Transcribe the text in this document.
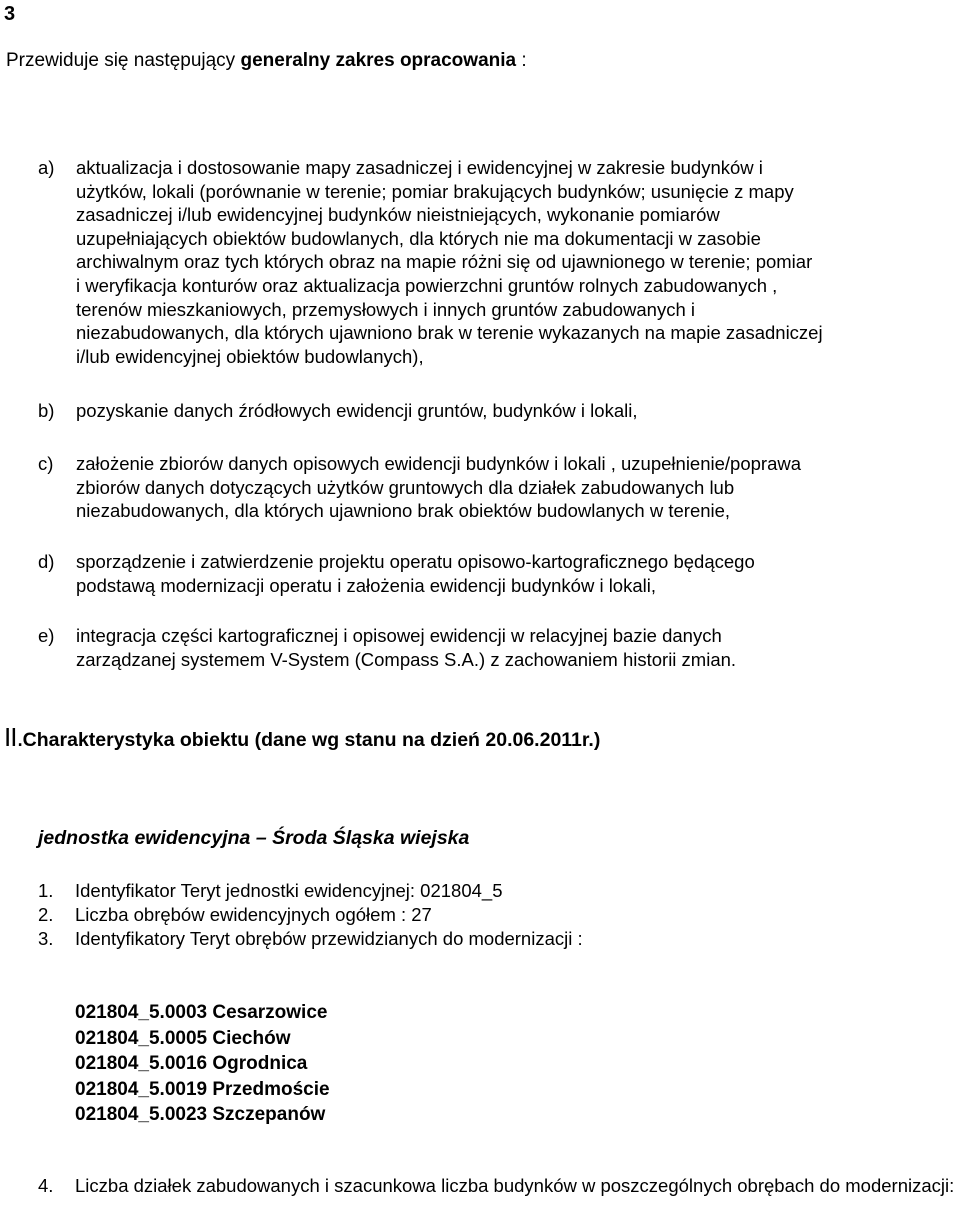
3
Przewiduje się następujący generalny zakres opracowania :
a) aktualizacja i dostosowanie mapy zasadniczej i ewidencyjnej w zakresie budynków i
użytków, lokali (porównanie w terenie; pomiar brakujących budynków; usunięcie z mapy
zasadniczej i/lub ewidencyjnej budynków nieistniejących, wykonanie pomiarów
uzupełniających obiektów budowlanych, dla których nie ma dokumentacji w zasobie
archiwalnym oraz tych których obraz na mapie różni się od ujawnionego w terenie; pomiar
i weryfikacja konturów oraz aktualizacja powierzchni gruntów rolnych zabudowanych ,
terenów mieszkaniowych, przemysłowych i innych gruntów zabudowanych i
niezabudowanych, dla których ujawniono brak w terenie wykazanych na mapie zasadniczej
i/lub ewidencyjnej obiektów budowlanych),
b) pozyskanie danych źródłowych ewidencji gruntów, budynków i lokali,
c) założenie zbiorów danych opisowych ewidencji budynków i lokali , uzupełnienie/poprawa
zbiorów danych dotyczących użytków gruntowych dla działek zabudowanych lub
niezabudowanych, dla których ujawniono brak obiektów budowlanych w terenie,
d) sporządzenie i zatwierdzenie projektu operatu opisowo-kartograficznego będącego
podstawą modernizacji operatu i założenia ewidencji budynków i lokali,
e) integracja części kartograficznej i opisowej ewidencji w relacyjnej bazie danych
zarządzanej systemem V-System (Compass S.A.) z zachowaniem historii zmian.
II.Charakterystyka obiektu (dane wg stanu na dzień 20.06.2011r.)
jednostka ewidencyjna – Środa Śląska wiejska
1. Identyfikator Teryt jednostki ewidencyjnej: 021804_5
2. Liczba obrębów ewidencyjnych ogółem : 27
3. Identyfikatory Teryt obrębów przewidzianych do modernizacji :
021804_5.0003 Cesarzowice
021804_5.0005 Ciechów
021804_5.0016 Ogrodnica
021804_5.0019 Przedmoście
021804_5.0023 Szczepanów
4. Liczba działek zabudowanych i szacunkowa liczba budynków w poszczególnych obrębach do modernizacji:
